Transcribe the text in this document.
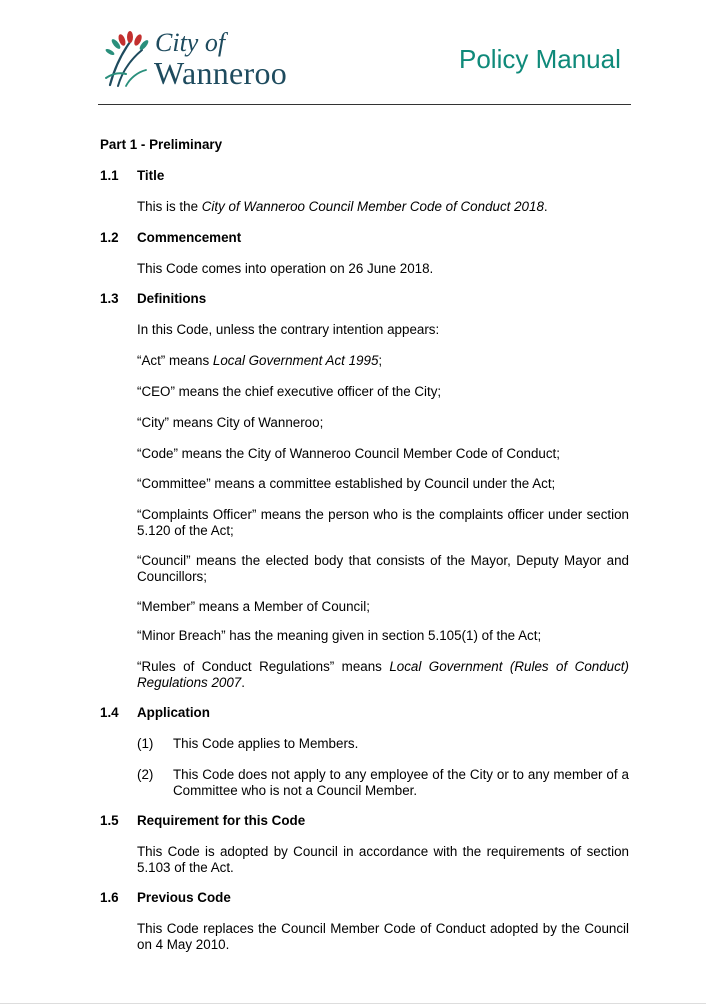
City of
Wanneroo	Policy Manual
Part 1 - Preliminary
1.1 Title
This is the City of Wanneroo Council Member Code of Conduct 2018.
1.2 Commencement
This Code comes into operation on 26 June 2018.
1.3 Definitions
In this Code, unless the contrary intention appears:
“Act” means Local Government Act 1995;
“CEO” means the chief executive officer of the City;
“City” means City of Wanneroo;
“Code” means the City of Wanneroo Council Member Code of Conduct;
“Committee” means a committee established by Council under the Act;
“Complaints Officer” means the person who is the complaints officer under section 5.120 of the Act;
“Council” means the elected body that consists of the Mayor, Deputy Mayor and Councillors;
“Member” means a Member of Council;
“Minor Breach” has the meaning given in section 5.105(1) of the Act;
“Rules of Conduct Regulations” means Local Government (Rules of Conduct) Regulations 2007.
1.4 Application
(1) This Code applies to Members.
(2) This Code does not apply to any employee of the City or to any member of a Committee who is not a Council Member.
1.5 Requirement for this Code
This Code is adopted by Council in accordance with the requirements of section 5.103 of the Act.
1.6 Previous Code
This Code replaces the Council Member Code of Conduct adopted by the Council on 4 May 2010.
